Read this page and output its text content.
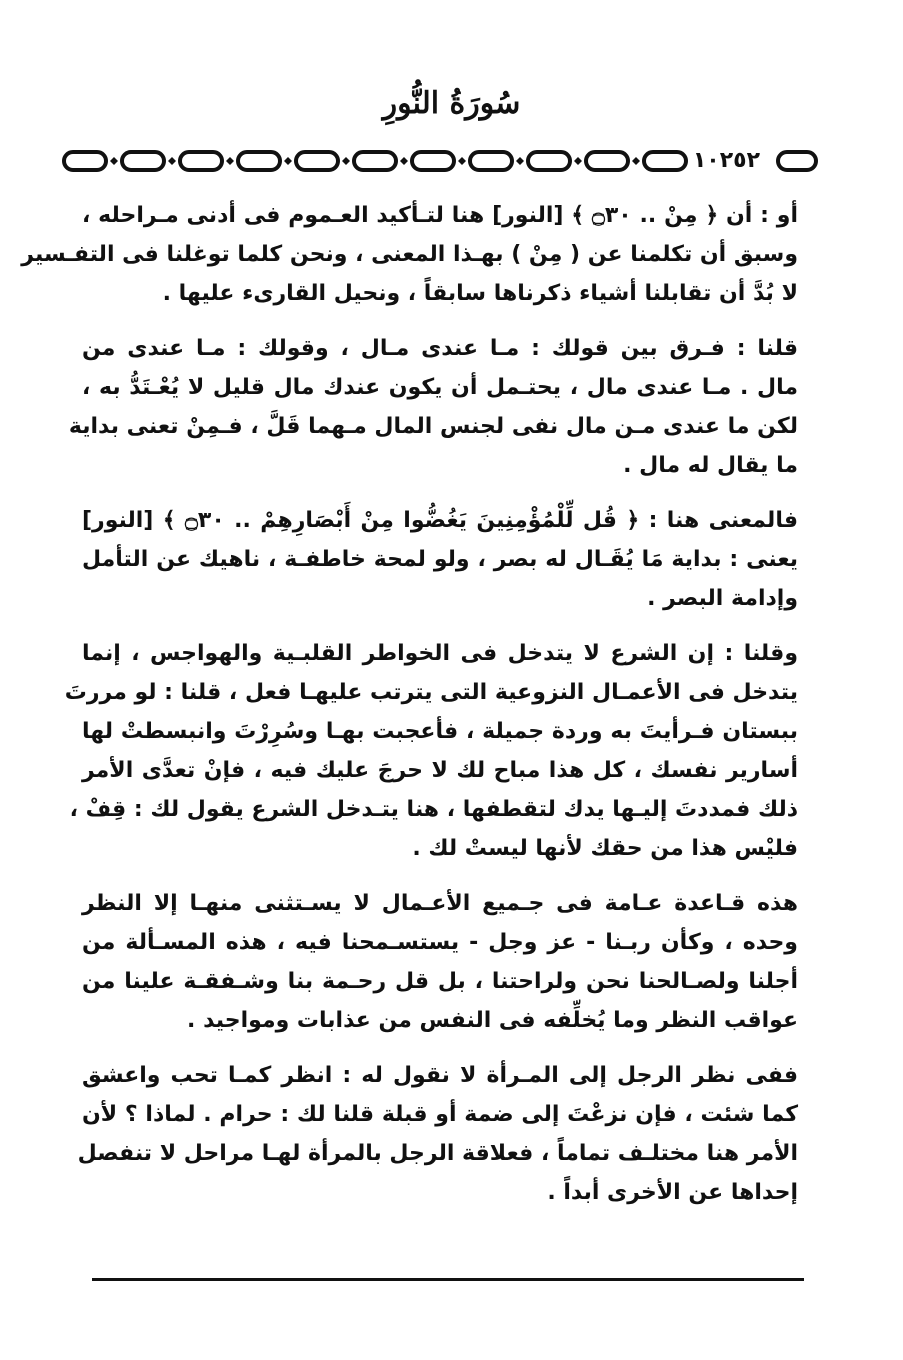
سُورَةُ النُّورِ
١٠٢٥٢
أو : أن ﴿ مِنْ .. ۝٣٠ ﴾ [النور] هنا لتـأكيد العـموم فى أدنى مـراحله ،
وسبق أن تكلمنا عن ( مِنْ ) بهـذا المعنى ، ونحن كلما توغلنا فى التفـسير
لا بُدَّ أن تقابلنا أشياء ذكرناها سابقاً ، ونحيل القارىء عليها .
قلنا : فـرق بين قولك : مـا عندى مـال ، وقولك : مـا عندى من
مال . مـا عندى مال ، يحتـمل أن يكون عندك مال قليل لا يُعْـتَدُّ به ،
لكن ما عندى مـن مال نفى لجنس المال مـهما قَلَّ ، فـمِنْ تعنى بداية
ما يقال له مال .
فالمعنى هنا : ﴿ قُل لِّلْمُؤْمِنِينَ يَغُضُّوا مِنْ أَبْصَارِهِمْ .. ۝٣٠ ﴾ [النور]
يعنى : بداية مَا يُقَـال له بصر ، ولو لمحة خاطفـة ، ناهيك عن التأمل
وإدامة البصر .
وقلنا : إن الشرع لا يتدخل فى الخواطر القلبـية والهواجس ، إنما
يتدخل فى الأعمـال النزوعية التى يترتب عليهـا فعل ، قلنا : لو مررتَ
ببستان فـرأيتَ به وردة جميلة ، فأعجبت بهـا وسُرِرْتَ وانبسطتْ لها
أسارير نفسك ، كل هذا مباح لك لا حرجَ عليك فيه ، فإنْ تعدَّى الأمر
ذلك فمددتَ إليـها يدك لتقطفها ، هنا يتـدخل الشرع يقول لك : قِفْ ،
فليْس هذا من حقك لأنها ليستْ لك .
هذه قـاعدة عـامة فى جـميع الأعـمال لا يسـتثنى منهـا إلا النظر
وحده ، وكأن ربـنا - عز وجل - يستسـمحنا فيه ، هذه المسـألة من
أجلنا ولصـالحنا نحن ولراحتنا ، بل قل رحـمة بنا وشـفقـة علينا من
عواقب النظر وما يُخلِّفه فى النفس من عذابات ومواجيد .
ففى نظر الرجل إلى المـرأة لا نقول له : انظر كمـا تحب واعشق
كما شئت ، فإن نزعْتَ إلى ضمة أو قبلة قلنا لك : حرام . لماذا ؟ لأن
الأمر هنا مختلـف تماماً ، فعلاقة الرجل بالمرأة لهـا مراحل لا تنفصل
إحداها عن الأخرى أبداً .
